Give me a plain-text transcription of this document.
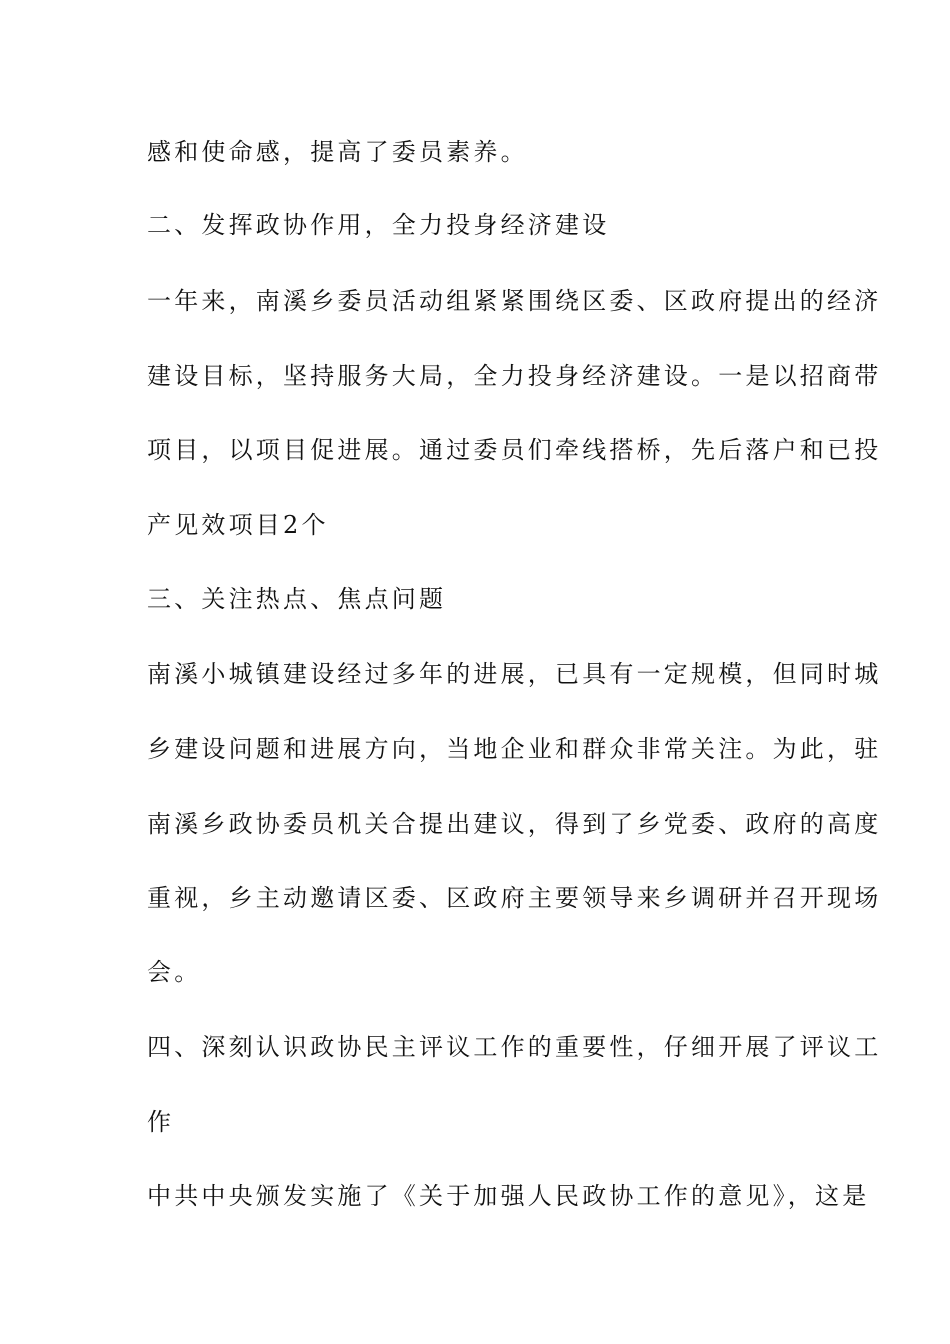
感和使命感，提高了委员素养。
二、发挥政协作用，全力投身经济建设
一年来，南溪乡委员活动组紧紧围绕区委、区政府提出的经济
建设目标，坚持服务大局，全力投身经济建设。一是以招商带
项目，以项目促进展。通过委员们牵线搭桥，先后落户和已投
产见效项目2个
三、关注热点、焦点问题
南溪小城镇建设经过多年的进展，已具有一定规模，但同时城
乡建设问题和进展方向，当地企业和群众非常关注。为此，驻
南溪乡政协委员机关合提出建议，得到了乡党委、政府的高度
重视，乡主动邀请区委、区政府主要领导来乡调研并召开现场
会。
四、深刻认识政协民主评议工作的重要性，仔细开展了评议工
作
中共中央颁发实施了《关于加强人民政协工作的意见》，这是
